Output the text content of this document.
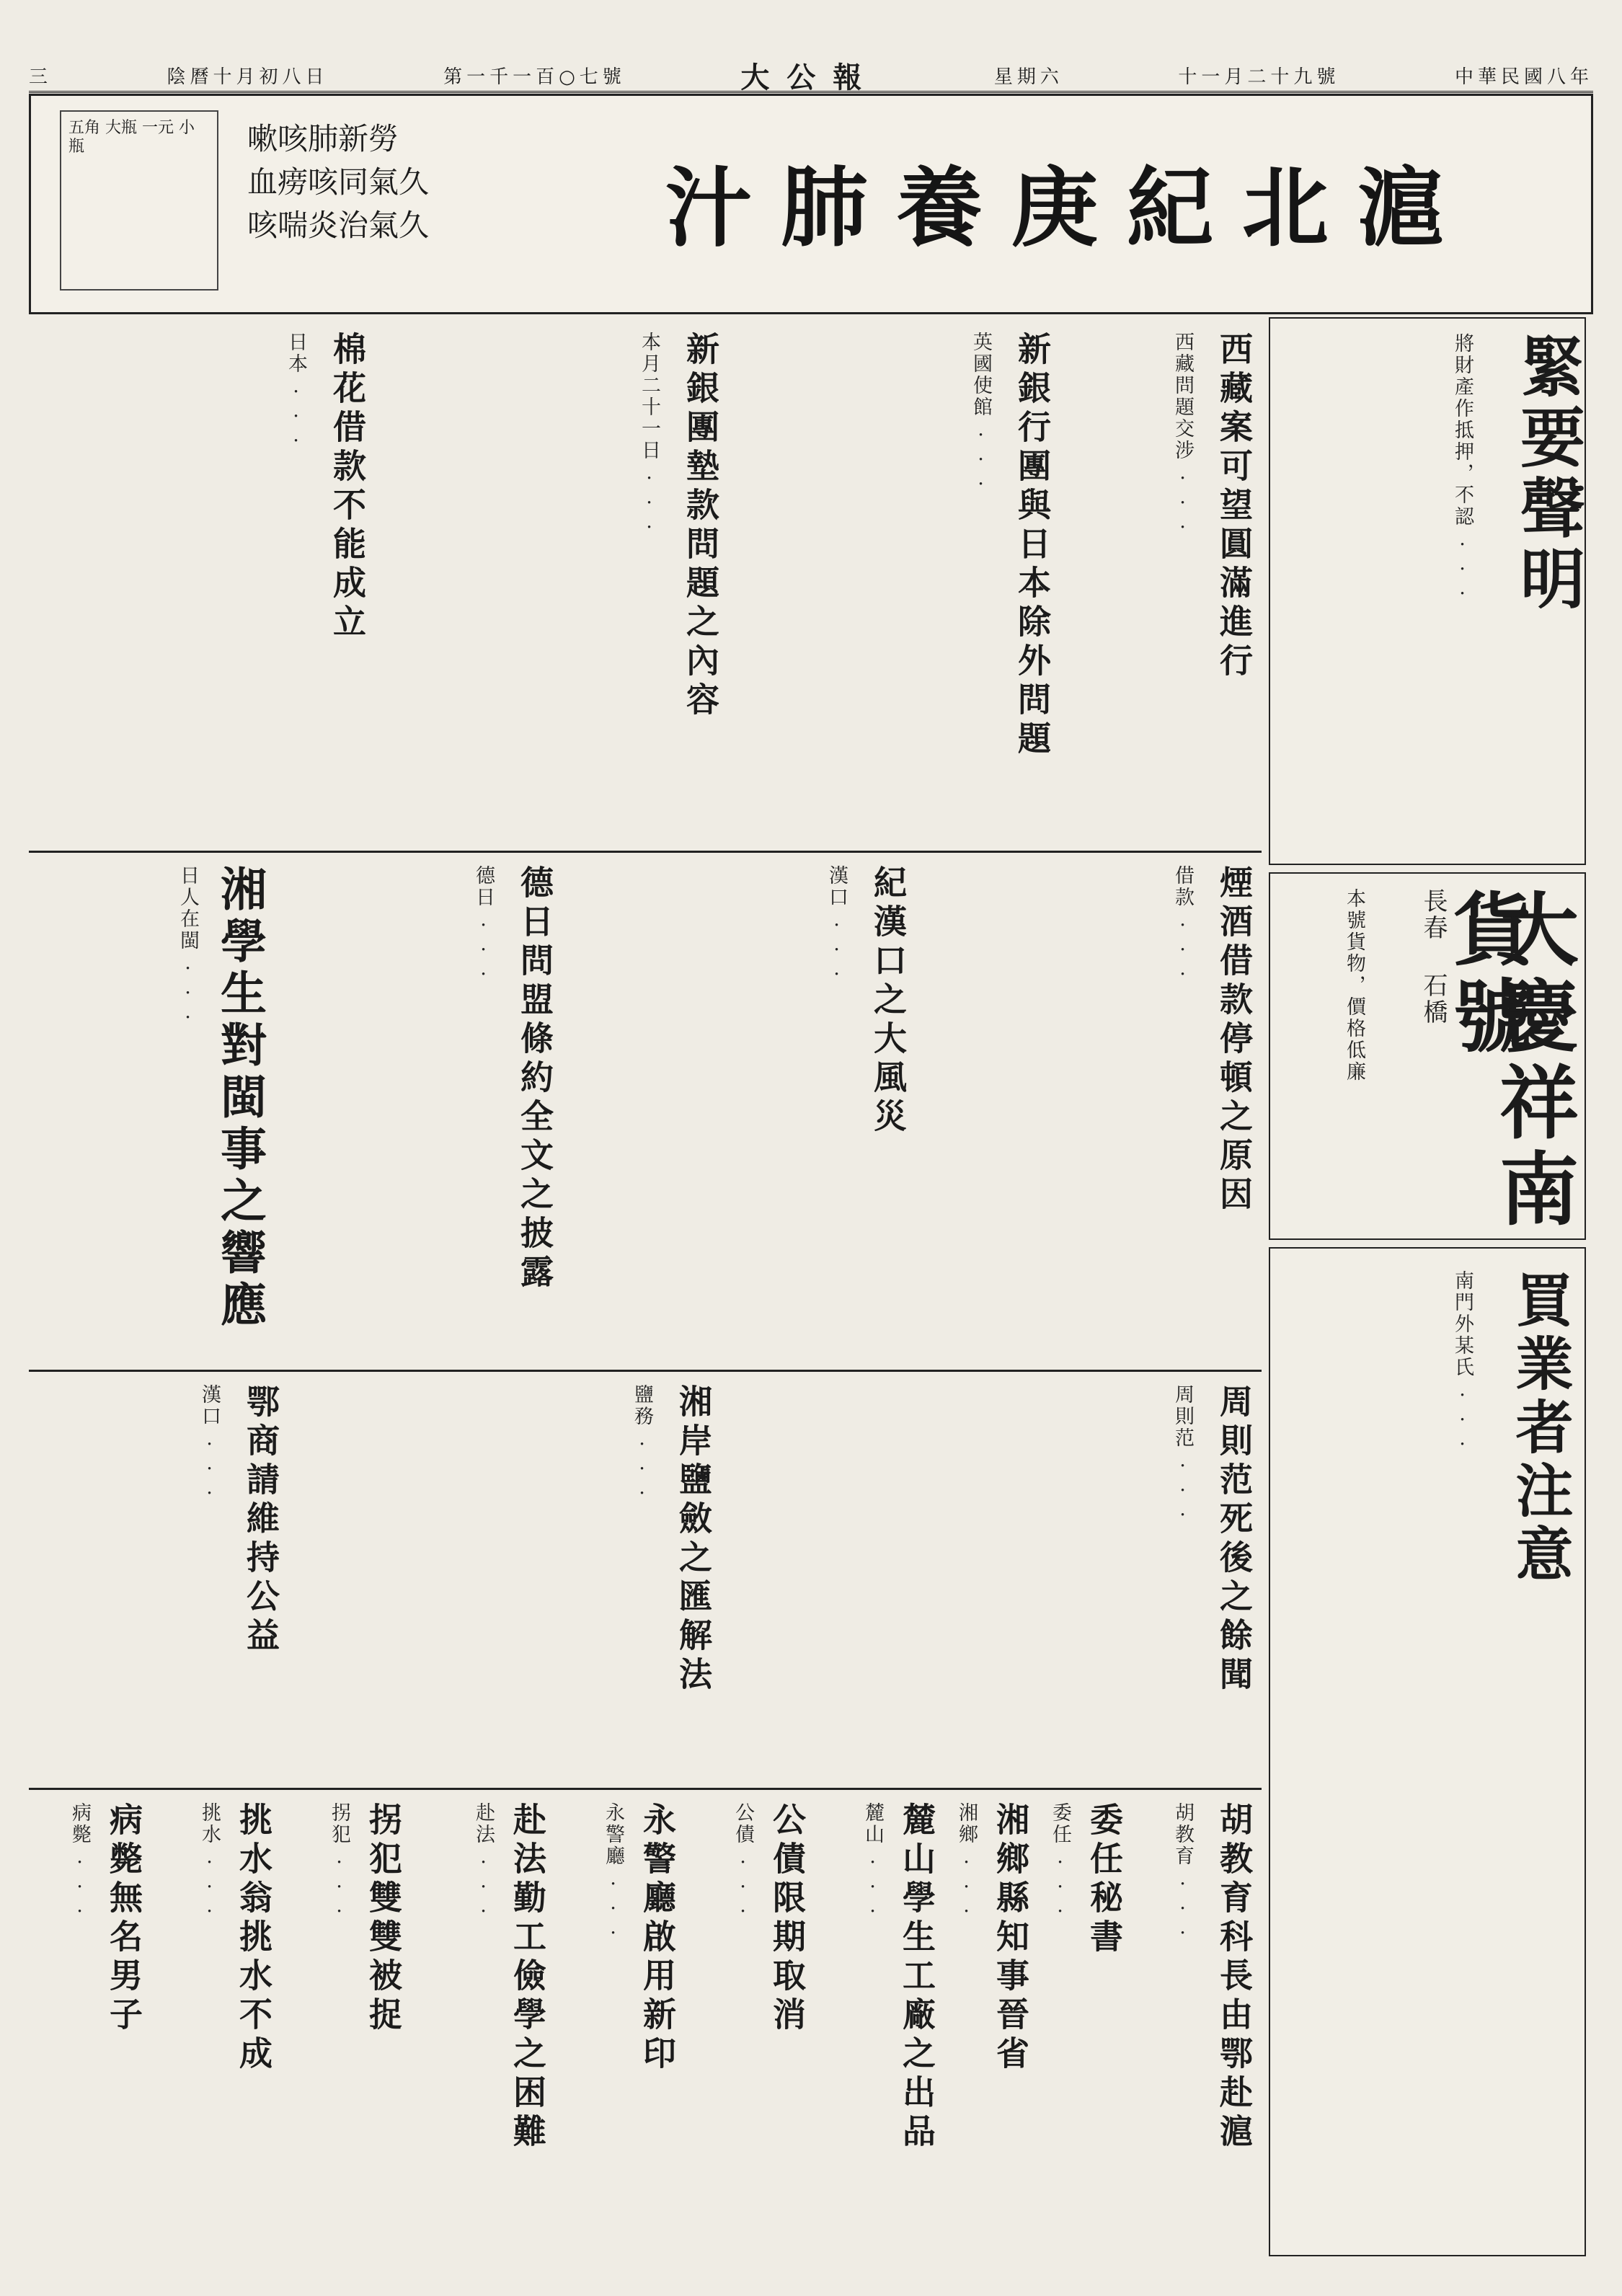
三	陰曆十月初八日	第一千一百○七號	大公報	星期六	十一月二十九號	中華民國八年
五角 大瓶 一元 小瓶	嗽咳肺新勞
血痨咳同氣久
咳喘炎治氣久	汁肺養庚紀北滬
緊要聲明
將財產作抵押，不認...
大慶祥南貨號
長春 石橋
本號貨物，價格低廉
買業者注意
南門外某氏...
西藏案可望圓滿進行
西藏問題交涉...
新銀行團與日本除外問題
英國使館...
新銀團墊款問題之內容
本月二十一日...
棉花借款不能成立
日本...
煙酒借款停頓之原因
借款...
紀漢口之大風災
漢口...
德日問盟條約全文之披露
德日...
湘學生對閩事之響應
日人在閩...
周則范死後之餘聞
周則范...
湘岸鹽斂之匯解法
鹽務...
鄂商請維持公益
漢口...
胡教育科長由鄂赴滬
胡教育...
委任秘書
委任...
湘鄉縣知事晉省
湘鄉...
麓山學生工廠之出品
麓山...
公債限期取消
公債...
永警廳啟用新印
永警廳...
赴法勤工儉學之困難
赴法...
拐犯雙雙被捉
拐犯...
挑水翁挑水不成
挑水...
病斃無名男子
病斃...
